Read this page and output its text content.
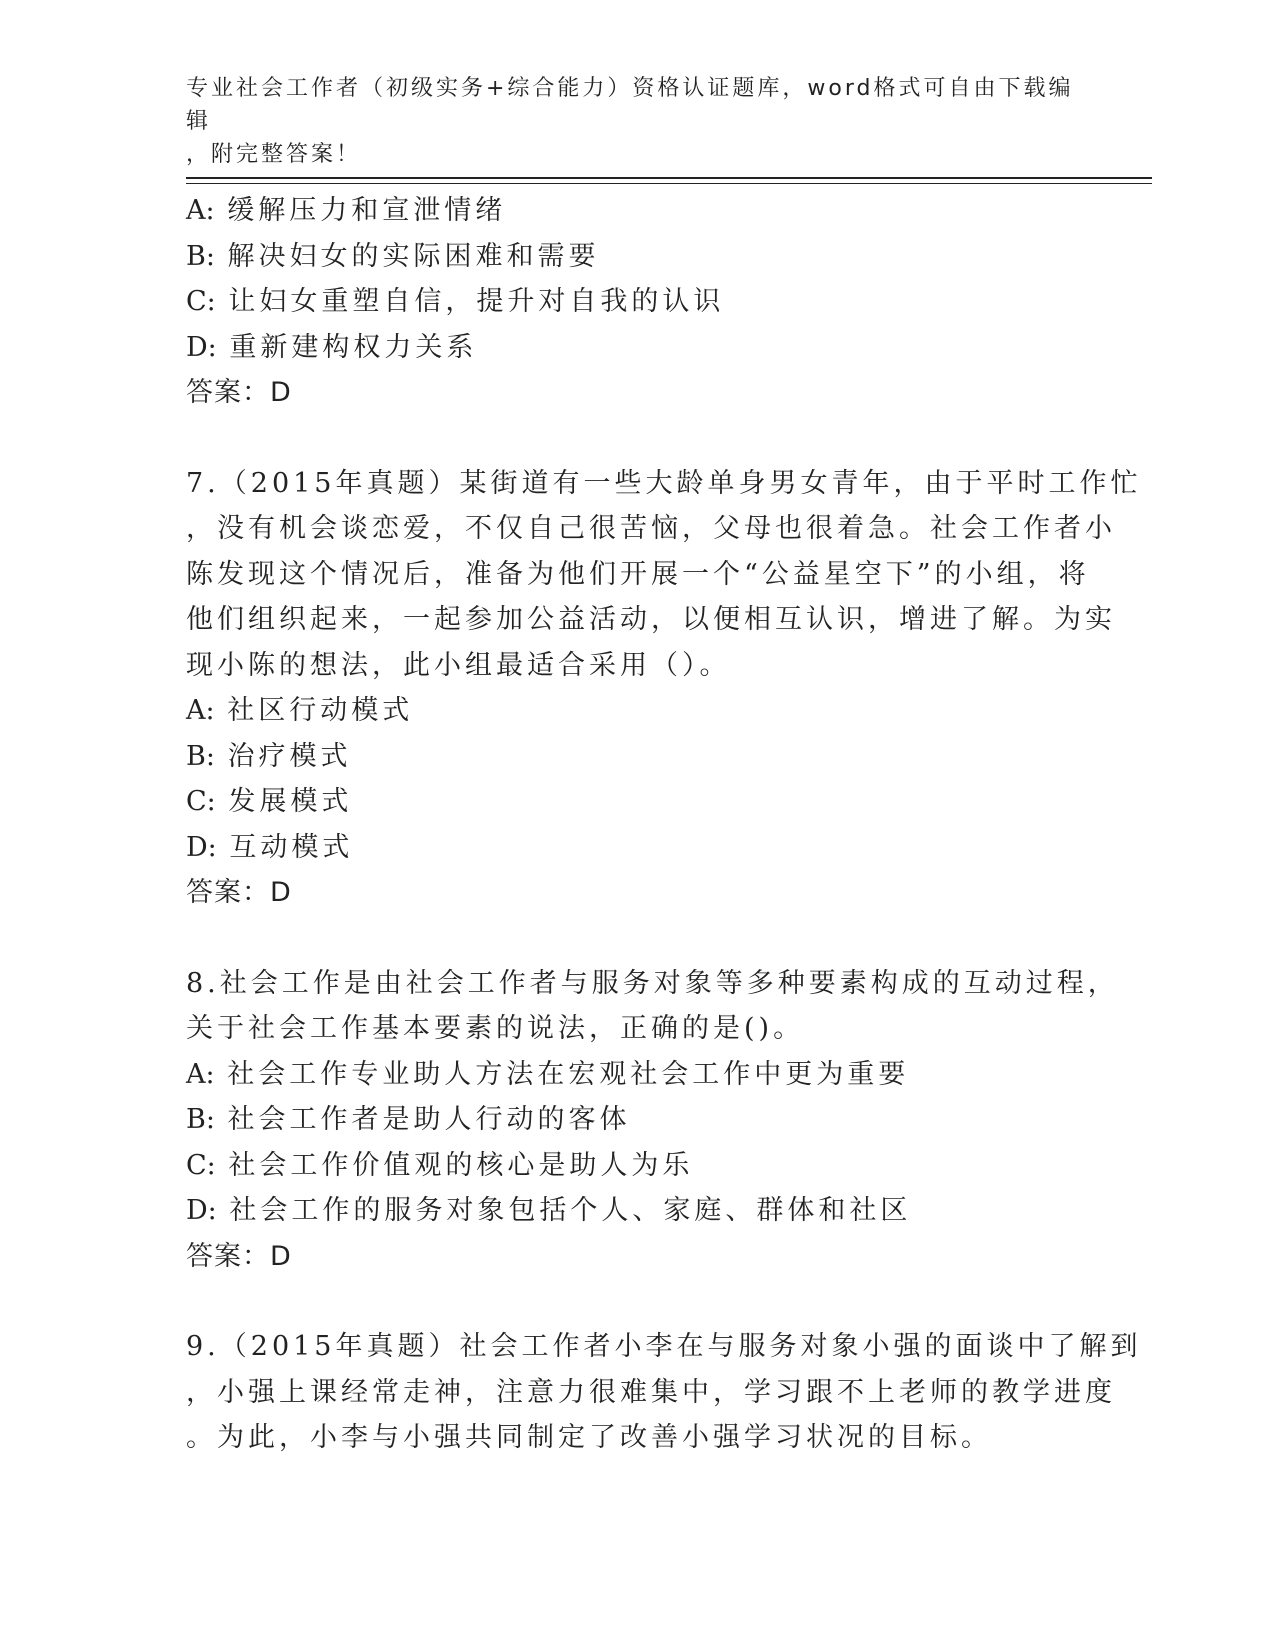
专业社会工作者（初级实务+综合能力）资格认证题库，word格式可自由下载编辑
，附完整答案！

A: 缓解压力和宣泄情绪

B: 解决妇女的实际困难和需要

C: 让妇女重塑自信，提升对自我的认识

D: 重新建构权力关系

答案：D

7.（2015年真题）某街道有一些大龄单身男女青年，由于平时工作忙

，没有机会谈恋爱，不仅自己很苦恼，父母也很着急。社会工作者小

陈发现这个情况后，准备为他们开展一个“公益星空下”的小组，将

他们组织起来，一起参加公益活动，以便相互认识，增进了解。为实

现小陈的想法，此小组最适合采用（）。

A: 社区行动模式

B: 治疗模式

C: 发展模式

D: 互动模式

答案：D

8.社会工作是由社会工作者与服务对象等多种要素构成的互动过程，

关于社会工作基本要素的说法，正确的是()。

A: 社会工作专业助人方法在宏观社会工作中更为重要

B: 社会工作者是助人行动的客体

C: 社会工作价值观的核心是助人为乐

D: 社会工作的服务对象包括个人、家庭、群体和社区

答案：D

9.（2015年真题）社会工作者小李在与服务对象小强的面谈中了解到

，小强上课经常走神，注意力很难集中，学习跟不上老师的教学进度

。为此，小李与小强共同制定了改善小强学习状况的目标。
